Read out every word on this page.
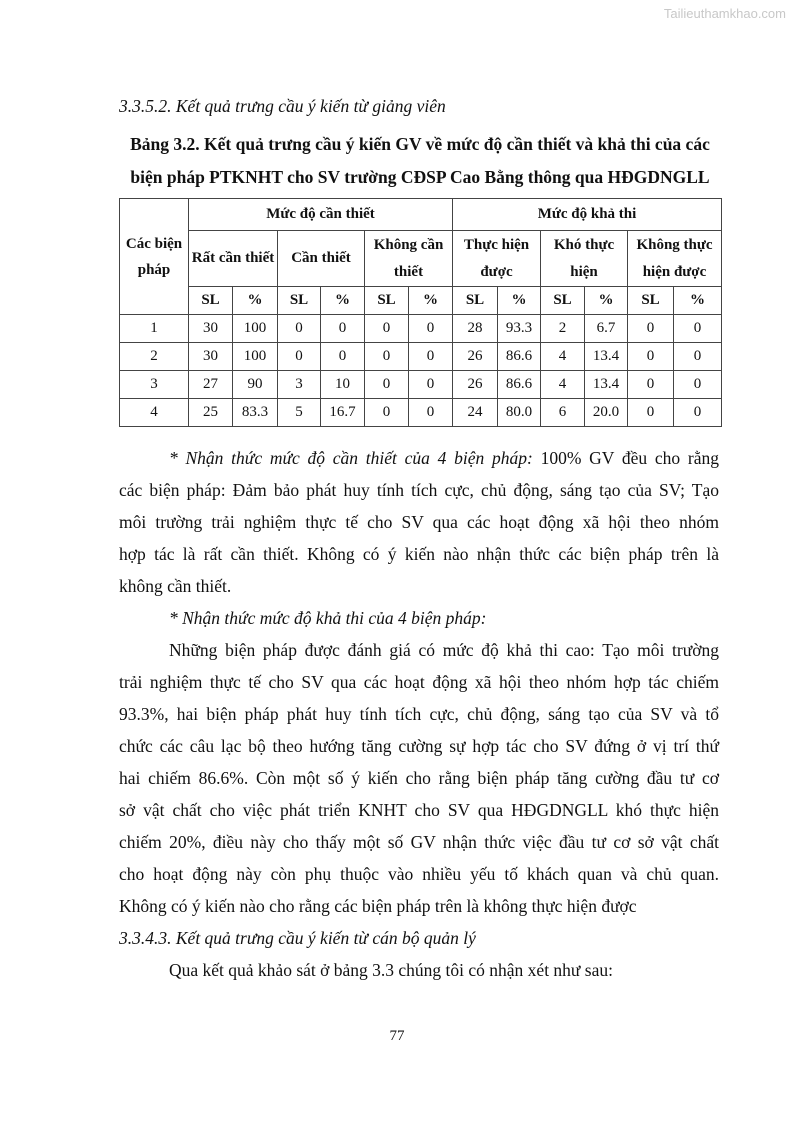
Tailieuthamkhao.com
3.3.5.2. Kết quả trưng cầu ý kiến từ giảng viên
Bảng 3.2. Kết quả trưng cầu ý kiến GV về mức độ cần thiết và khả thi của các
biện pháp PTKNHT cho SV trường CĐSP Cao Bằng thông qua HĐGDNGLL
Các biện pháp	Mức độ cần thiết						Mức độ khả thi					
	Rất cần thiết		Cần thiết		Không cần thiết		Thực hiện được		Khó thực hiện		Không thực hiện được	
	SL	%	SL	%	SL	%	SL	%	SL	%	SL	%
1	30	100	0	0	0	0	28	93.3	2	6.7	0	0
2	30	100	0	0	0	0	26	86.6	4	13.4	0	0
3	27	90	3	10	0	0	26	86.6	4	13.4	0	0
4	25	83.3	5	16.7	0	0	24	80.0	6	20.0	0	0
* Nhận thức mức độ cần thiết của 4 biện pháp: 100% GV đều cho rằng
các biện pháp: Đảm bảo phát huy tính tích cực, chủ động, sáng tạo của SV; Tạo
môi trường trải nghiệm thực tế cho SV qua các hoạt động xã hội theo nhóm
hợp tác là rất cần thiết. Không có ý kiến nào nhận thức các biện pháp trên là
không cần thiết.
* Nhận thức mức độ khả thi của 4 biện pháp:
Những biện pháp được đánh giá có mức độ khả thi cao: Tạo môi trường
trải nghiệm thực tế cho SV qua các hoạt động xã hội theo nhóm hợp tác chiếm
93.3%, hai biện pháp phát huy tính tích cực, chủ động, sáng tạo của SV và tổ
chức các câu lạc bộ theo hướng tăng cường sự hợp tác cho SV đứng ở vị trí thứ
hai chiếm 86.6%. Còn một số ý kiến cho rằng biện pháp tăng cường đầu tư cơ
sở vật chất cho việc phát triển KNHT cho SV qua HĐGDNGLL khó thực hiện
chiếm 20%, điều này cho thấy một số GV nhận thức việc đầu tư cơ sở vật chất
cho hoạt động này còn phụ thuộc vào nhiều yếu tố khách quan và chủ quan.
Không có ý kiến nào cho rằng các biện pháp trên là không thực hiện được
3.3.4.3. Kết quả trưng cầu ý kiến từ cán bộ quản lý
Qua kết quả khảo sát ở bảng 3.3 chúng tôi có nhận xét như sau:
77
